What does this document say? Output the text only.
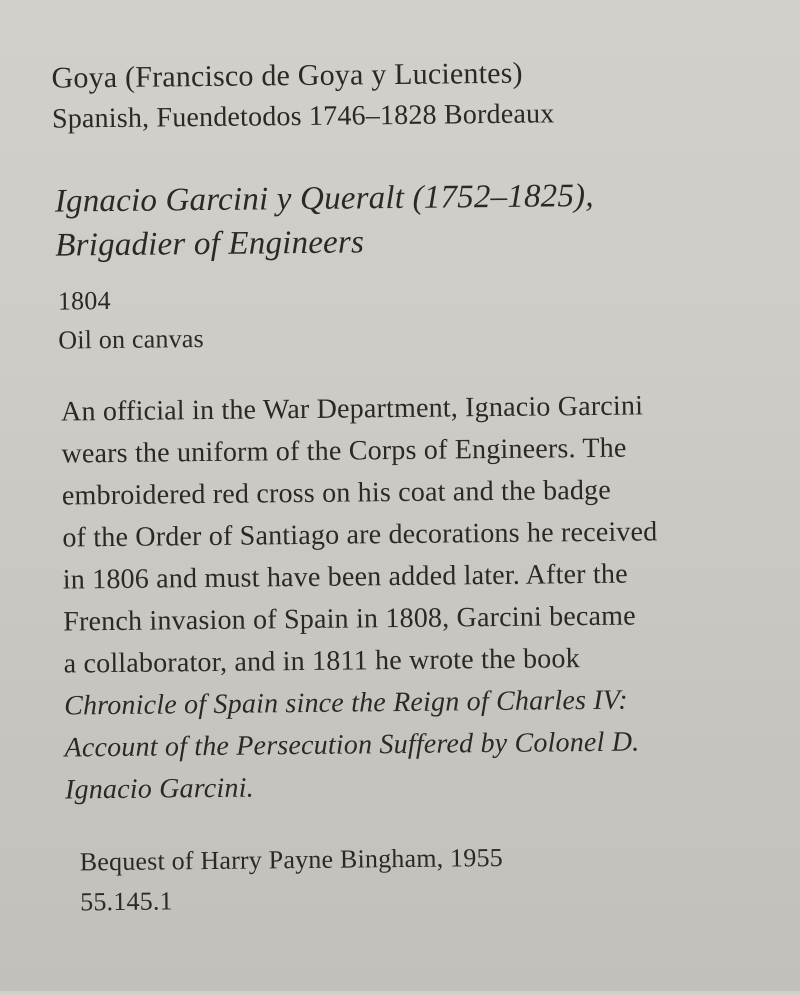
Goya (Francisco de Goya y Lucientes)
Spanish, Fuendetodos 1746–1828 Bordeaux
Ignacio Garcini y Queralt (1752–1825),
Brigadier of Engineers
1804
Oil on canvas
An official in the War Department, Ignacio Garcini
wears the uniform of the Corps of Engineers. The
embroidered red cross on his coat and the badge
of the Order of Santiago are decorations he received
in 1806 and must have been added later. After the
French invasion of Spain in 1808, Garcini became
a collaborator, and in 1811 he wrote the book
Chronicle of Spain since the Reign of Charles IV:
Account of the Persecution Suffered by Colonel D.
Ignacio Garcini.
Bequest of Harry Payne Bingham, 1955
55.145.1
